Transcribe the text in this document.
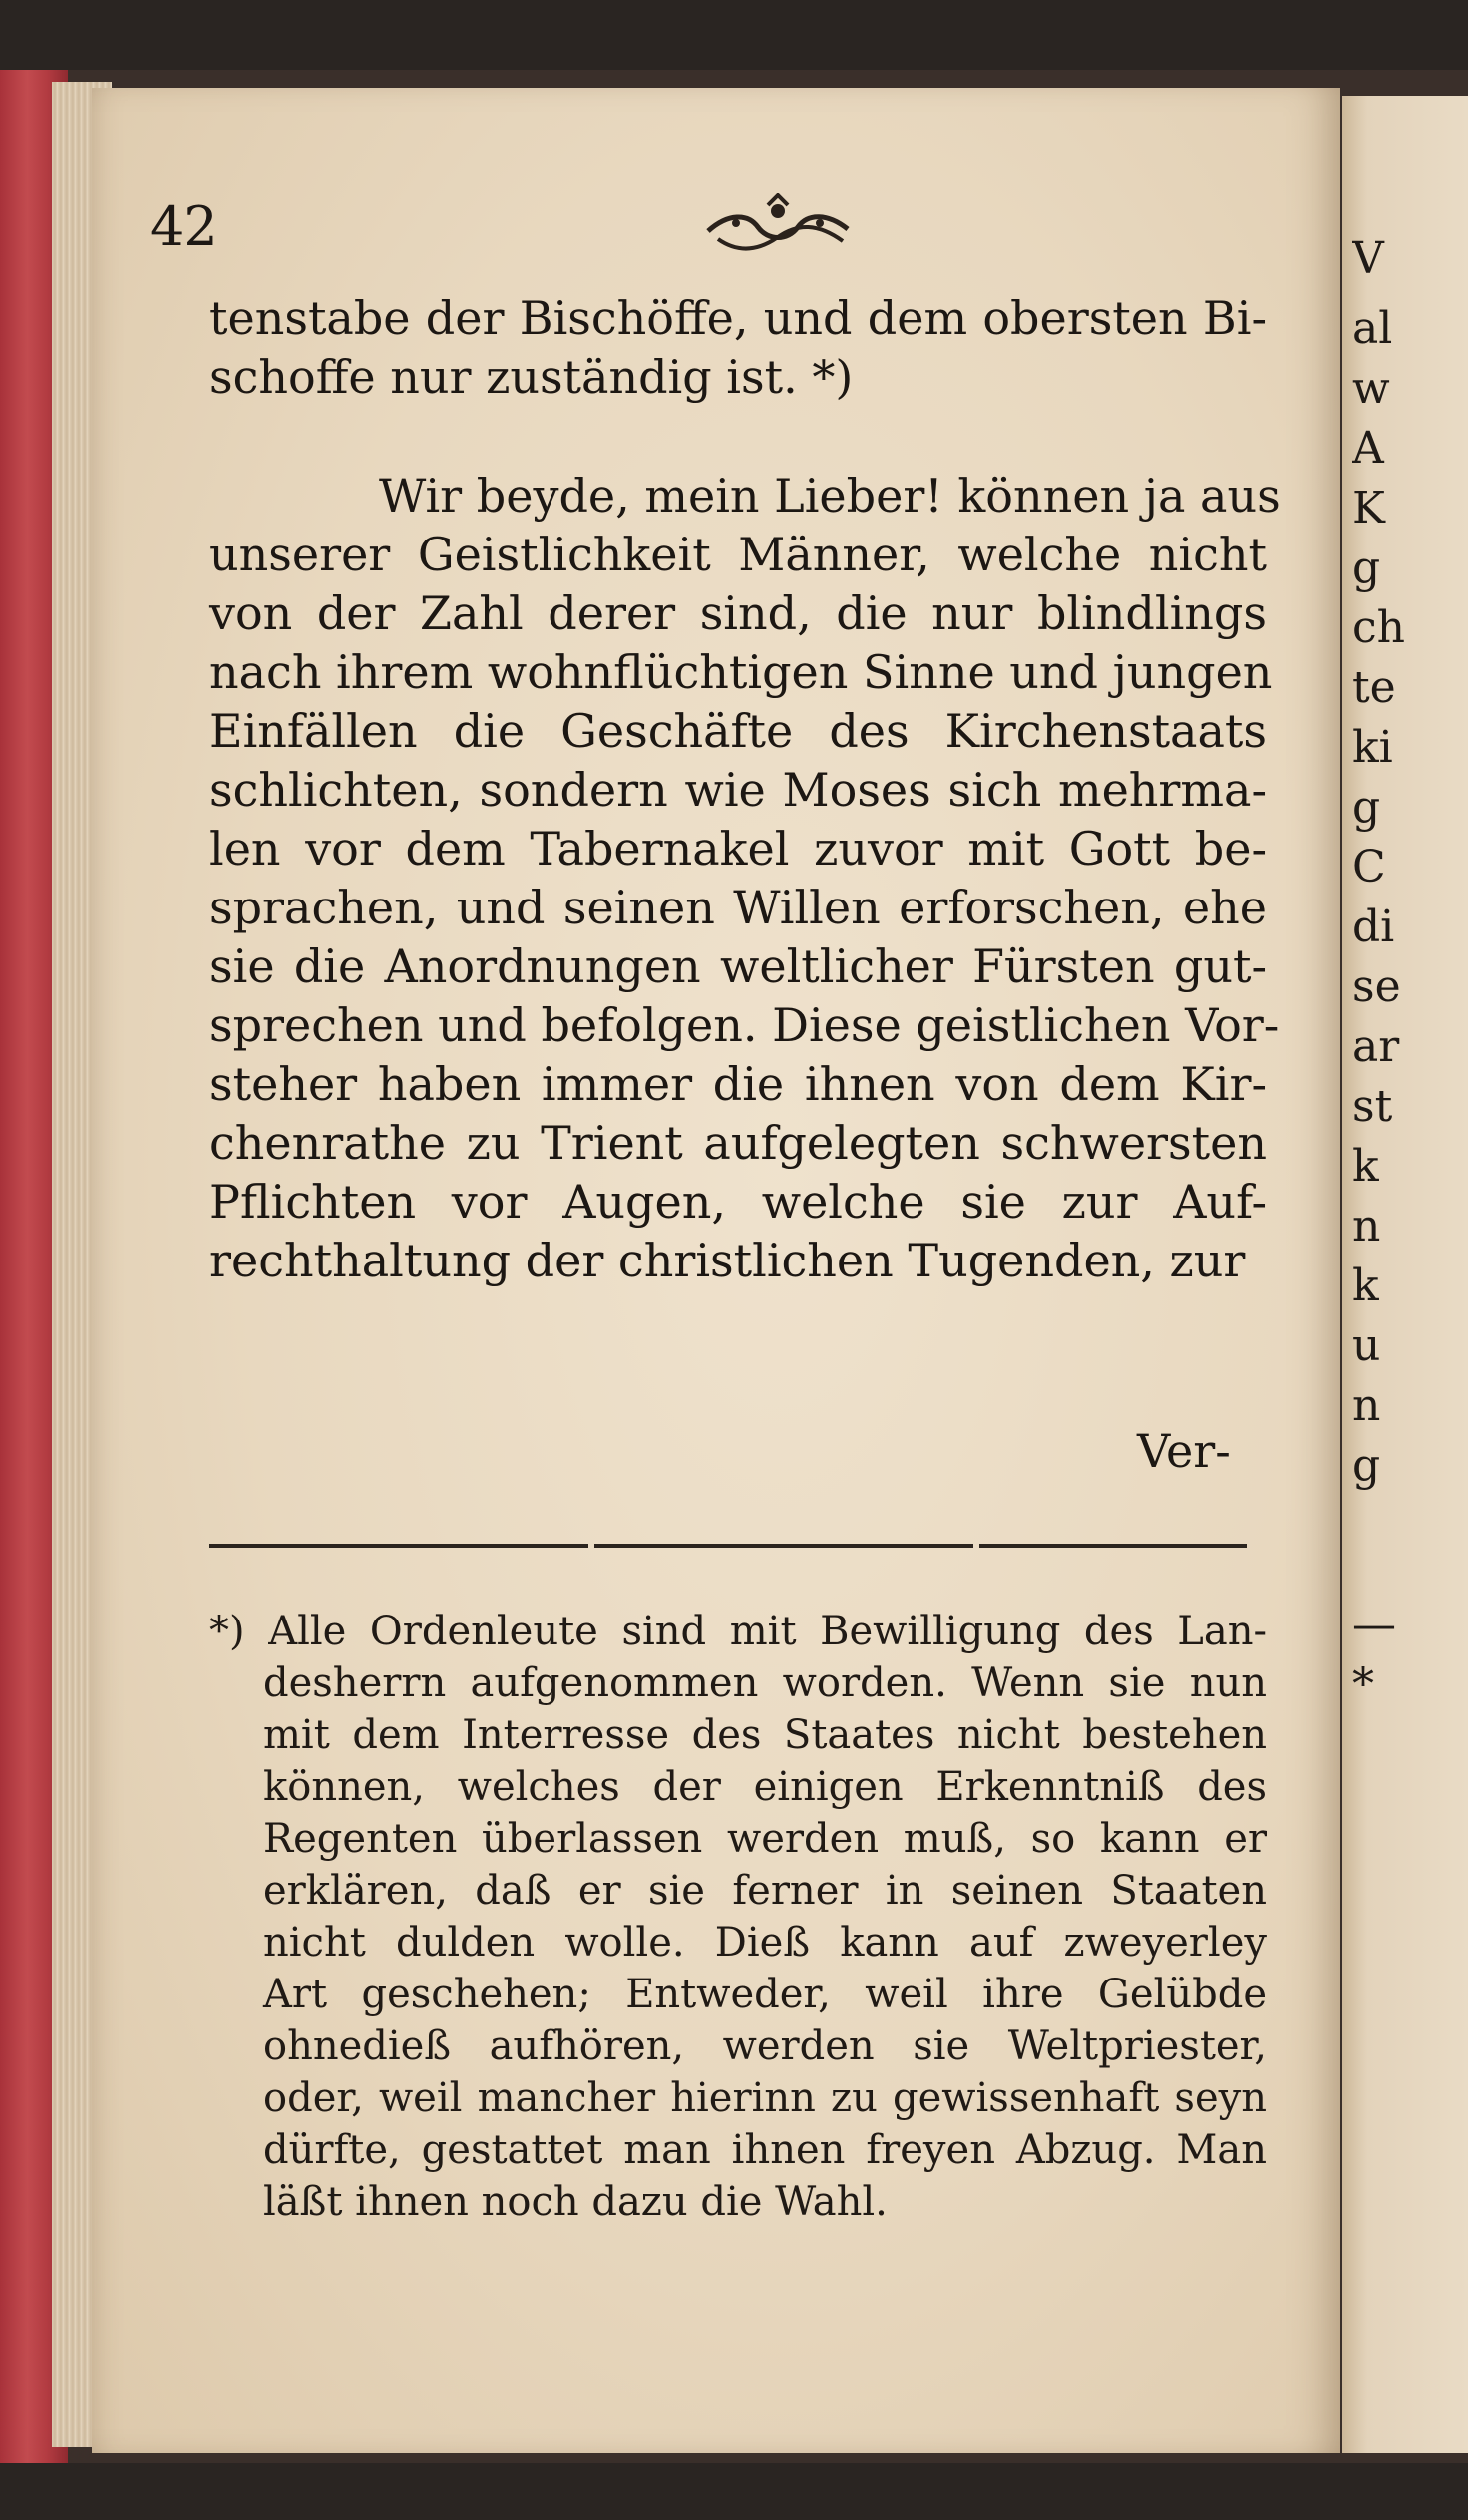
V
al
w
A
K
g
ch
te
ki
g
C
di
se
ar
st
k
n
k
u
n
g
—
*
42
tenstabe der Bischöffe, und dem obersten Bi-
schoffe nur zuständig ist. *)
Wir beyde, mein Lieber! können ja aus
unserer Geistlichkeit Männer, welche nicht
von der Zahl derer sind, die nur blindlings
nach ihrem wohnflüchtigen Sinne und jungen
Einfällen die Geschäfte des Kirchenstaats
schlichten, sondern wie Moses sich mehrma-
len vor dem Tabernakel zuvor mit Gott be-
sprachen, und seinen Willen erforschen, ehe
sie die Anordnungen weltlicher Fürsten gut-
sprechen und befolgen. Diese geistlichen Vor-
steher haben immer die ihnen von dem Kir-
chenrathe zu Trient aufgelegten schwersten
Pflichten vor Augen, welche sie zur Auf-
rechthaltung der christlichen Tugenden, zur
Ver-
*) Alle Ordenleute sind mit Bewilligung des Lan-
desherrn aufgenommen worden. Wenn sie nun
mit dem Interresse des Staates nicht bestehen
können, welches der einigen Erkenntniß des
Regenten überlassen werden muß, so kann er
erklären, daß er sie ferner in seinen Staaten
nicht dulden wolle. Dieß kann auf zweyerley
Art geschehen; Entweder, weil ihre Gelübde
ohnedieß aufhören, werden sie Weltpriester,
oder, weil mancher hierinn zu gewissenhaft seyn
dürfte, gestattet man ihnen freyen Abzug. Man
läßt ihnen noch dazu die Wahl.
